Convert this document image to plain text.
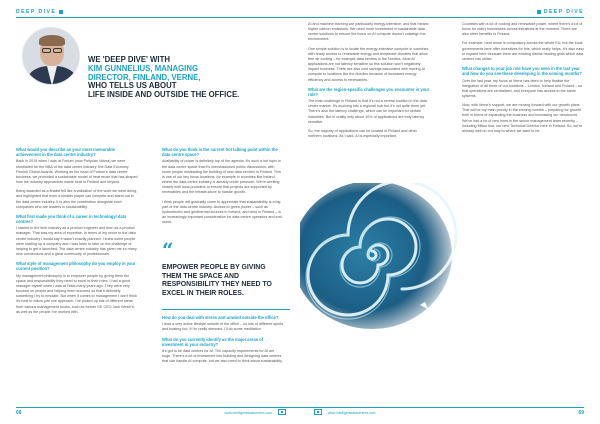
DEEP DIVE
WE 'DEEP DIVE' WITH
KIM GUNNELIUS, MANAGING
DIRECTOR, FINLAND, VERNE,
WHO TELLS US ABOUT
LIFE INSIDE AND OUTSIDE THE OFFICE.
What would you describe as your most memorable achievement in the data centre industry?

Back in 2019 when I was at Fortum (now Pohjolan Voima) we were shortlisted for the NBA of the data centre industry: the Data Economy Finnish Global Awards. Working as the head of Fortum's data centre business, we promoted a sustainable model of heat reuse that has shaped how the industry approaches waste heat in Finland and beyond.

Being awarded as a finalist felt like a validation of the work we were doing, and highlighted that even a smaller player can compete and stand out in the data centre industry. It is also the contribution alongside such companies who are leaders in sustainability.

What first made you think of a career in technology/ data centres?

I started in the tech industry as a product engineer and then as a product manager. That was my area of expertise. In terms of my move to the data centre industry I would say it wasn't exactly planned. I knew some people were starting up a company and I was keen to take on the challenge of helping to get it launched. The data centre industry has given me so many new connections and a great community of professionals.

What style of management philosophy do you employ in your current position?

My management philosophy is to empower people by giving them the space and responsibility they need to excel in their roles. I had a good manager myself when I was at Tekla many years ago. They were very focused on people and helping them succeed so that's definitely something I try to emulate. But when it comes to management I don't think it's best to follow just one approach. I've picked up lots of different ideas from various management books, such as former GE CEO Jack Welch's, as well as the people I've worked with.

What do you think is the current hot talking point within the data centre space?

Availability of power is definitely top of the agenda. It's such a hot topic in the data centre space that it's overshadowed public discussions, with some people misleading the building of new data centres in Finland. This is one of our key focus locations, for example in countries like Ireland, where the data centre industry is already under pressure. We're working closely with local providers to ensure that projects are supported by renewables and the infrastructure to handle growth.

I think people will gradually come to appreciate that sustainability is a big part of the data centre industry. Access to green power – such as hydroelectric and geothermal sources in Iceland, and wind in Finland – is an increasingly important consideration for data centre operators and end-users.

“
EMPOWER PEOPLE BY GIVING
THEM THE SPACE AND
RESPONSIBILITY THEY NEED TO
EXCEL IN THEIR ROLES.
How do you deal with stress and unwind outside the office?

I lead a very active lifestyle outside of the office – so lots of different sports and boating too. If I'm really stressed, I'll do some meditation.

What do you currently identify as the major areas of investment in your industry?

It's got to be data centres for AI. The capacity requirements for AI are huge. There's a lot of investment into building and designing data centres that can handle AI compute, but we also need to think about sustainability.

68	www.intelligentdatacentres.com
DEEP DIVE

AI and machine learning are particularly energy-intensive, and that means higher carbon emissions. We need more investment in sustainable data centre solutions to ensure the focus on AI compute doesn't outweigh the environment.

One simple solution is to locate the energy-intensive compute in countries with ready access to renewable energy and temperate climates that allow free air cooling – for example data centres in the Nordics. Most AI applications are not latency sensitive so this solution won't negatively impact business. There are also cost savings associated with moving AI compute to locations like the Nordics because of increased energy efficiency and access to renewables.

What are the region-specific challenges you encounter in your role?

The main challenge in Finland is that it's not a central location in the data centre market. It's evolving into a regional hub but it's not quite there yet. There's also the latency challenge, which can be important for certain industries. But in reality only about 10% of applications are truly latency sensitive.

So, the majority of applications can be located in Finland and other northern locations. As I said, AI is especially important.

Countries with a lot of cooling and renewable power, where there's a lot of focus for many businesses across industries at the moment. There are also other benefits to Finland.

For example, heat reuse is compulsory across the whole EU, but the local governments here offer incentives for this, which really helps. It's also easy to expand here because there are existing district heating grids which data centres can utilise.

What changes to your job role have you seen in the last year and how do you see these developing in the coming months?

Over the last year, my focus at Verne has been to help finalise the integration of all three of our locations – London, Iceland and Finland – so that operations are centralised, and everyone has access to the same systems.

Now, with Verne's support, we are moving forward with our growth plans. That will be my main priority in the coming months – preparing for growth both in terms of expanding the business and increasing our headcount. We've had a lot of new hires in the senior management team recently – including Mikko Ikla, our new Technical Director here in Finland. So, we're already well on our way to where we want to be.

69
www.intelligentdatacentres.com
